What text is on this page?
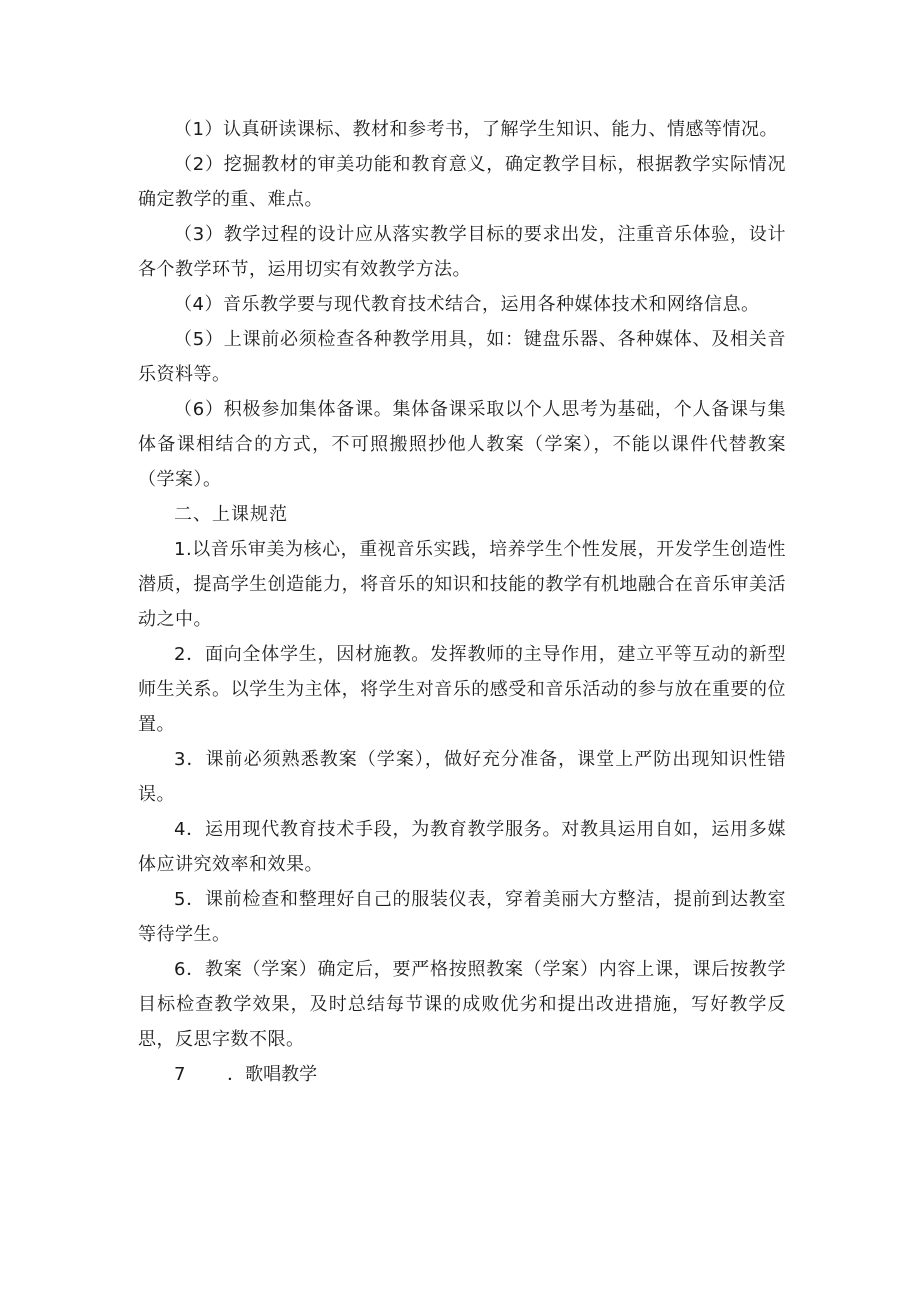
（1）认真研读课标、教材和参考书，了解学生知识、能力、情感等情况。

（2）挖掘教材的审美功能和教育意义，确定教学目标，根据教学实际情况确定教学的重、难点。

（3）教学过程的设计应从落实教学目标的要求出发，注重音乐体验，设计各个教学环节，运用切实有效教学方法。

（4）音乐教学要与现代教育技术结合，运用各种媒体技术和网络信息。

（5）上课前必须检查各种教学用具，如：键盘乐器、各种媒体、及相关音乐资料等。

（6）积极参加集体备课。集体备课采取以个人思考为基础，个人备课与集体备课相结合的方式，不可照搬照抄他人教案（学案），不能以课件代替教案（学案）。

二、上课规范

1.以音乐审美为核心，重视音乐实践，培养学生个性发展，开发学生创造性潜质，提高学生创造能力，将音乐的知识和技能的教学有机地融合在音乐审美活动之中。

2．面向全体学生，因材施教。发挥教师的主导作用，建立平等互动的新型师生关系。以学生为主体，将学生对音乐的感受和音乐活动的参与放在重要的位置。

3．课前必须熟悉教案（学案），做好充分准备，课堂上严防出现知识性错误。

4．运用现代教育技术手段，为教育教学服务。对教具运用自如，运用多媒体应讲究效率和效果。

5．课前检查和整理好自己的服装仪表，穿着美丽大方整洁，提前到达教室等待学生。

6．教案（学案）确定后，要严格按照教案（学案）内容上课，课后按教学目标检查教学效果，及时总结每节课的成败优劣和提出改进措施，写好教学反思，反思字数不限。

7　 　．歌唱教学
